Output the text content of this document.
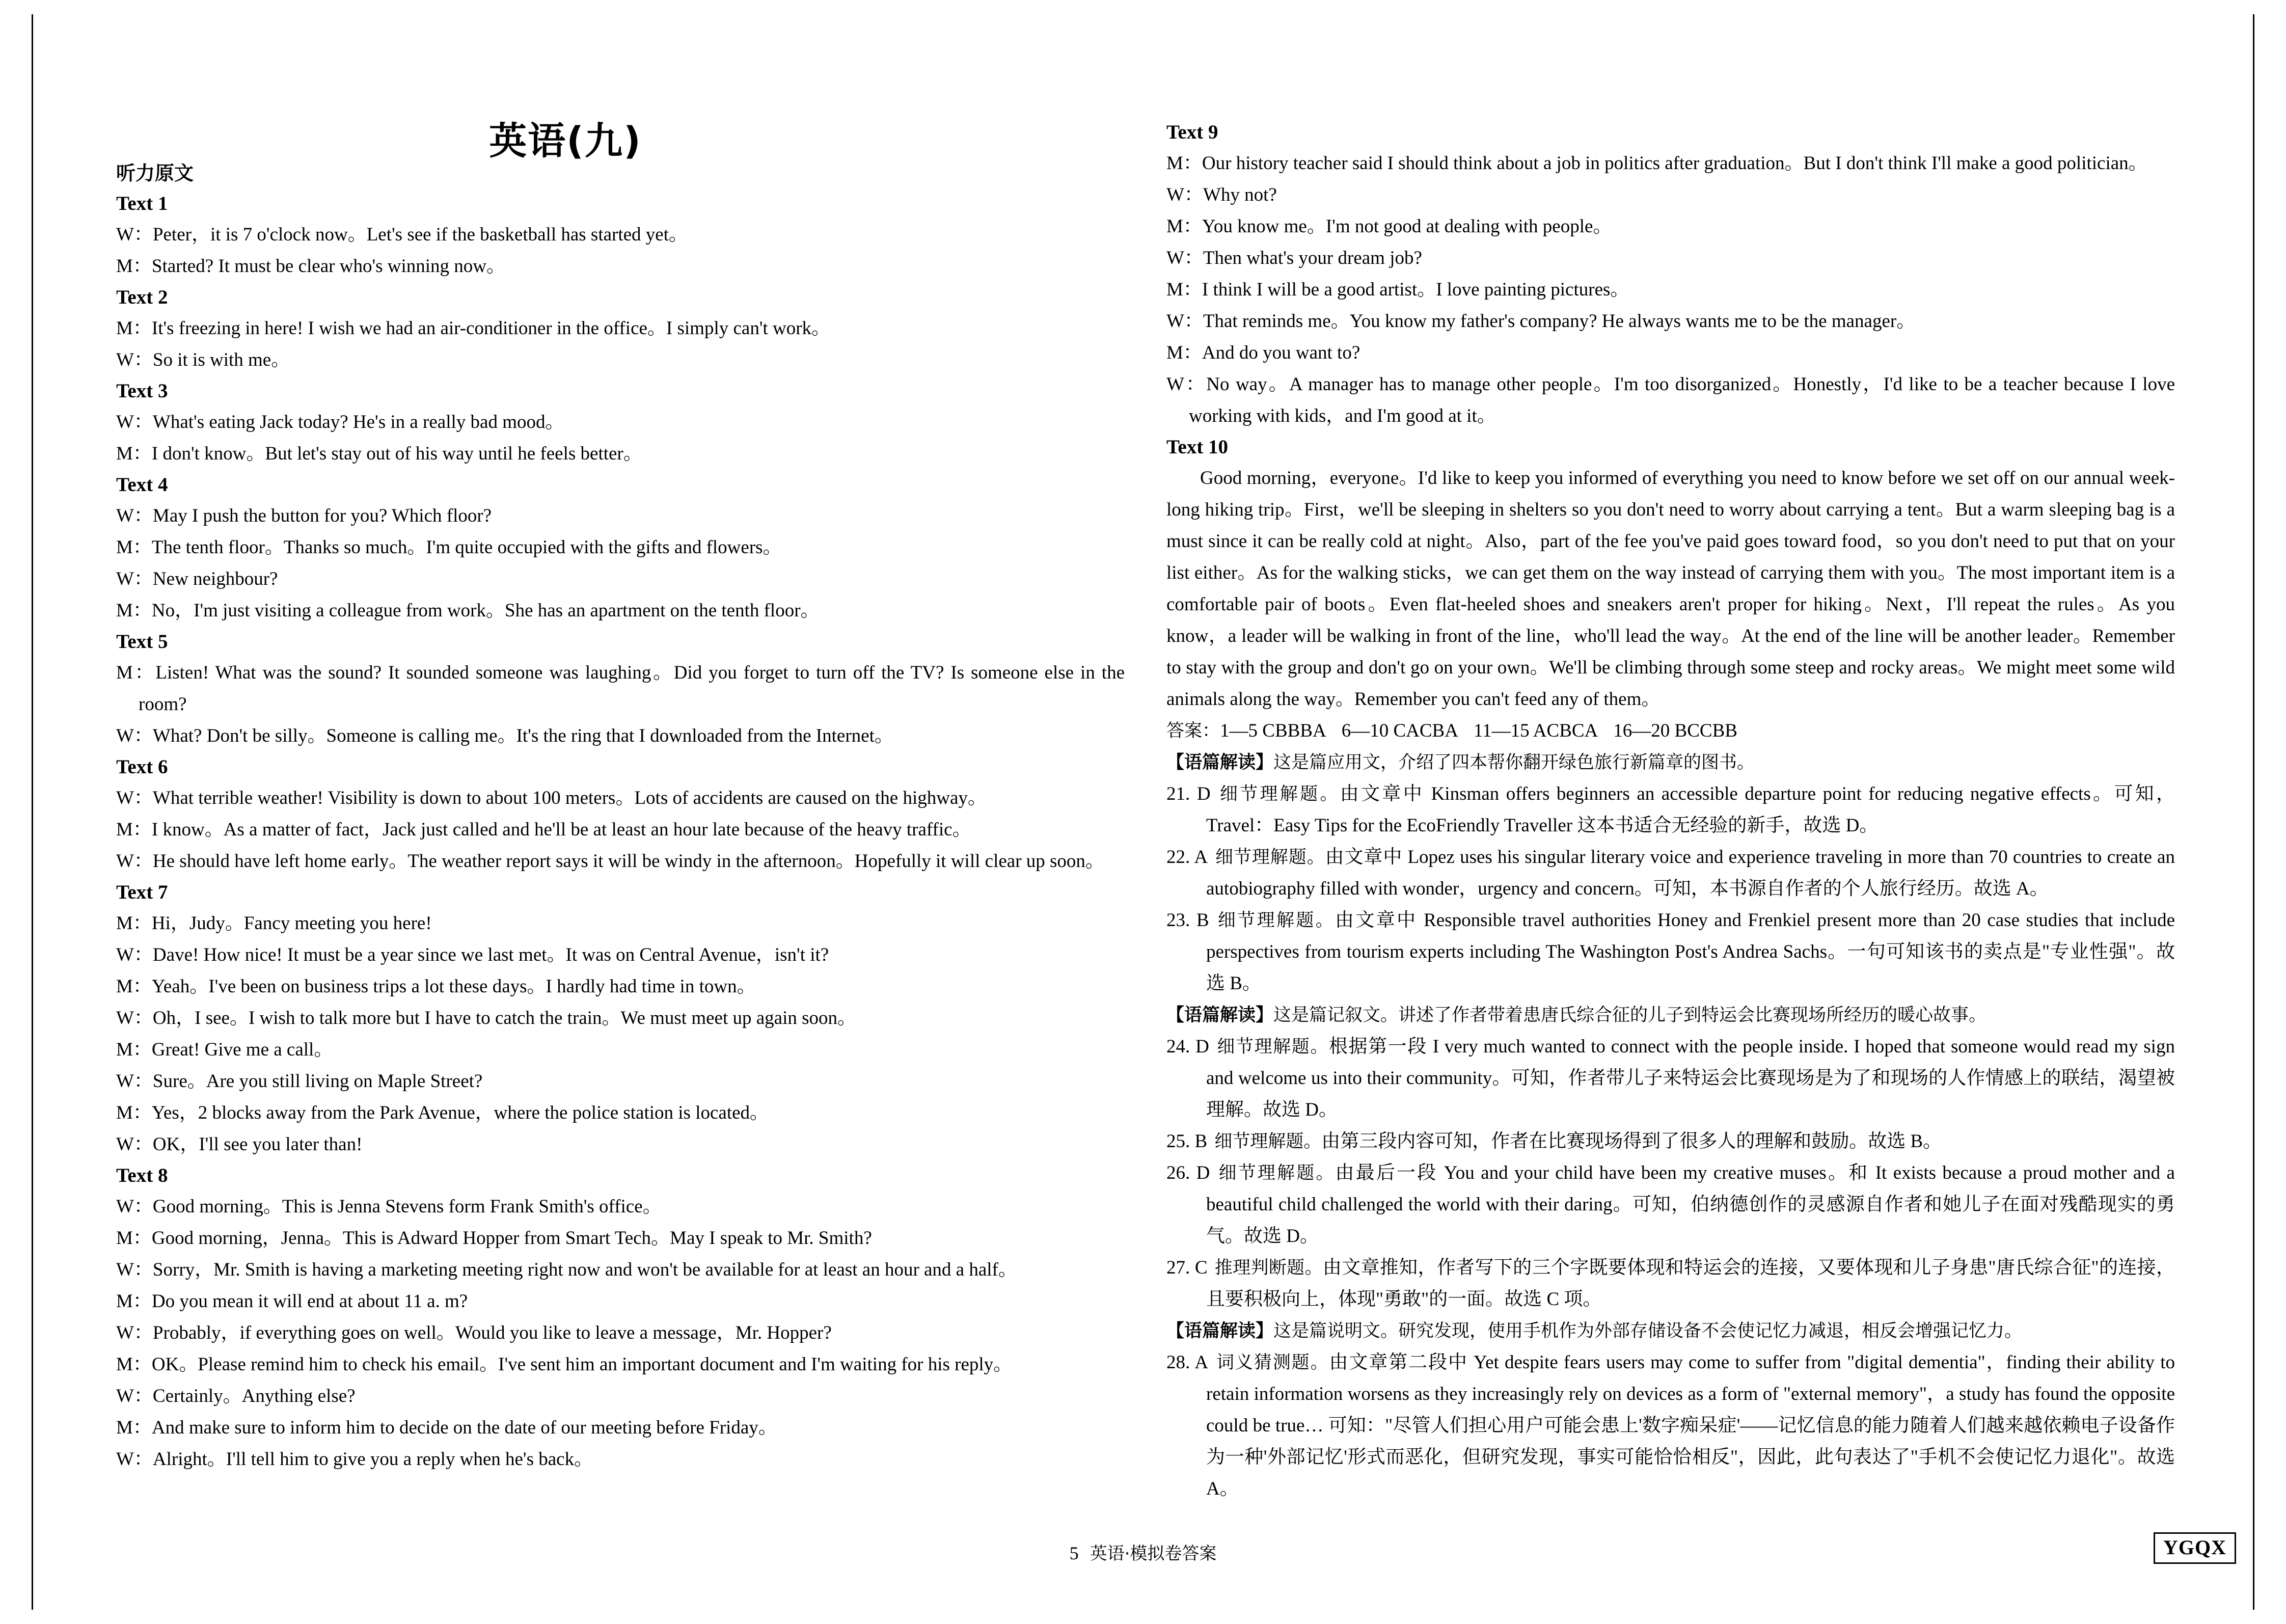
英语(九)
听力原文
Text 1
W：Peter，it is 7 o'clock now。Let's see if the basketball has started yet。
M：Started? It must be clear who's winning now。
Text 2
M：It's freezing in here! I wish we had an air-conditioner in the office。I simply can't work。
W：So it is with me。
Text 3
W：What's eating Jack today? He's in a really bad mood。
M：I don't know。But let's stay out of his way until he feels better。
Text 4
W：May I push the button for you? Which floor?
M：The tenth floor。Thanks so much。I'm quite occupied with the gifts and flowers。
W：New neighbour?
M：No，I'm just visiting a colleague from work。She has an apartment on the tenth floor。
Text 5
M：Listen! What was the sound? It sounded someone was laughing。Did you forget to turn off the TV? Is someone else in the room?
W：What? Don't be silly。Someone is calling me。It's the ring that I downloaded from the Internet。
Text 6
W：What terrible weather! Visibility is down to about 100 meters。Lots of accidents are caused on the highway。
M：I know。As a matter of fact，Jack just called and he'll be at least an hour late because of the heavy traffic。
W：He should have left home early。The weather report says it will be windy in the afternoon。Hopefully it will clear up soon。
Text 7
M：Hi，Judy。Fancy meeting you here!
W：Dave! How nice! It must be a year since we last met。It was on Central Avenue，isn't it?
M：Yeah。I've been on business trips a lot these days。I hardly had time in town。
W：Oh，I see。I wish to talk more but I have to catch the train。We must meet up again soon。
M：Great! Give me a call。
W：Sure。Are you still living on Maple Street?
M：Yes，2 blocks away from the Park Avenue，where the police station is located。
W：OK，I'll see you later than!
Text 8
W：Good morning。This is Jenna Stevens form Frank Smith's office。
M：Good morning，Jenna。This is Adward Hopper from Smart Tech。May I speak to Mr. Smith?
W：Sorry，Mr. Smith is having a marketing meeting right now and won't be available for at least an hour and a half。
M：Do you mean it will end at about 11 a. m?
W：Probably，if everything goes on well。Would you like to leave a message，Mr. Hopper?
M：OK。Please remind him to check his email。I've sent him an important document and I'm waiting for his reply。
W：Certainly。Anything else?
M：And make sure to inform him to decide on the date of our meeting before Friday。
W：Alright。I'll tell him to give you a reply when he's back。
Text 9
M：Our history teacher said I should think about a job in politics after graduation。But I don't think I'll make a good politician。
W：Why not?
M：You know me。I'm not good at dealing with people。
W：Then what's your dream job?
M：I think I will be a good artist。I love painting pictures。
W：That reminds me。You know my father's company? He always wants me to be the manager。
M：And do you want to?
W：No way。A manager has to manage other people。I'm too disorganized。Honestly，I'd like to be a teacher because I love working with kids，and I'm good at it。
Text 10
Good morning，everyone。I'd like to keep you informed of everything you need to know before we set off on our annual week-long hiking trip。First，we'll be sleeping in shelters so you don't need to worry about carrying a tent。But a warm sleeping bag is a must since it can be really cold at night。Also，part of the fee you've paid goes toward food，so you don't need to put that on your list either。As for the walking sticks，we can get them on the way instead of carrying them with you。The most important item is a comfortable pair of boots。Even flat-heeled shoes and sneakers aren't proper for hiking。Next，I'll repeat the rules。As you know，a leader will be walking in front of the line，who'll lead the way。At the end of the line will be another leader。Remember to stay with the group and don't go on your own。We'll be climbing through some steep and rocky areas。We might meet some wild animals along the way。Remember you can't feed any of them。
答案：1—5 CBBBA 6—10 CACBA 11—15 ACBCA 16—20 BCCBB
【语篇解读】这是篇应用文，介绍了四本帮你翻开绿色旅行新篇章的图书。
21. D 细节理解题。由文章中 Kinsman offers beginners an accessible departure point for reducing negative effects。可知，Travel：Easy Tips for the EcoFriendly Traveller 这本书适合无经验的新手，故选 D。
22. A 细节理解题。由文章中 Lopez uses his singular literary voice and experience traveling in more than 70 countries to create an autobiography filled with wonder，urgency and concern。可知，本书源自作者的个人旅行经历。故选 A。
23. B 细节理解题。由文章中 Responsible travel authorities Honey and Frenkiel present more than 20 case studies that include perspectives from tourism experts including The Washington Post's Andrea Sachs。一句可知该书的卖点是"专业性强"。故选 B。
【语篇解读】这是篇记叙文。讲述了作者带着患唐氏综合征的儿子到特运会比赛现场所经历的暖心故事。
24. D 细节理解题。根据第一段 I very much wanted to connect with the people inside. I hoped that someone would read my sign and welcome us into their community。可知，作者带儿子来特运会比赛现场是为了和现场的人作情感上的联结，渴望被理解。故选 D。
25. B 细节理解题。由第三段内容可知，作者在比赛现场得到了很多人的理解和鼓励。故选 B。
26. D 细节理解题。由最后一段 You and your child have been my creative muses。和 It exists because a proud mother and a beautiful child challenged the world with their daring。可知，伯纳德创作的灵感源自作者和她儿子在面对残酷现实的勇气。故选 D。
27. C 推理判断题。由文章推知，作者写下的三个字既要体现和特运会的连接，又要体现和儿子身患"唐氏综合征"的连接，且要积极向上，体现"勇敢"的一面。故选 C 项。
【语篇解读】这是篇说明文。研究发现，使用手机作为外部存储设备不会使记忆力减退，相反会增强记忆力。
28. A 词义猜测题。由文章第二段中 Yet despite fears users may come to suffer from "digital dementia"，finding their ability to retain information worsens as they increasingly rely on devices as a form of "external memory"，a study has found the opposite could be true… 可知："尽管人们担心用户可能会患上'数字痴呆症'——记忆信息的能力随着人们越来越依赖电子设备作为一种'外部记忆'形式而恶化，但研究发现，事实可能恰恰相反"，因此，此句表达了"手机不会使记忆力退化"。故选 A。
5 英语·模拟卷答案	YGQX
